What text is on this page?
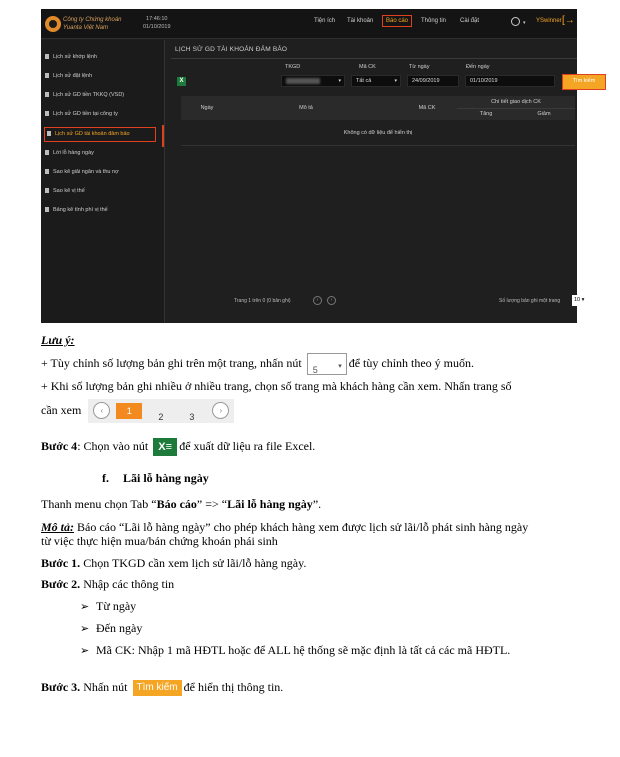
Công ty Chứng khoán Yuanta Việt Nam
17:46:10
01/10/2019
Tiện ích Tài khoản	Báo cáo	Thông tin Cài đặt	▾ YSwinner [→
Lịch sử khớp lệnh
Lịch sử đặt lệnh
Lịch sử GD tiền TKKQ (VSD)
Lịch sử GD tiền tại công ty
Lịch sử GD tài khoản đảm bảo
Lời lỗ hàng ngày
Sao kê giải ngân và thu nợ
Sao kê vị thế
Bảng kê tính phí vị thế
LỊCH SỬ GD TÀI KHOẢN ĐẢM BẢO
TKGD	Mã CK	Từ ngày	Đến ngày
X	▾	Tất cả	▾	24/09/2019	01/10/2019	Tìm kiếm
Ngày	Mô tả	Mã CK
Chi tiết giao dịch CK
Tăng	Giảm
Không có dữ liệu để hiển thị
Trang 1 trên 0 (0 bản ghi)	‹	›	Số lượng bản ghi một trang	10 ▾
Lưu ý:
+ Tùy chỉnh số lượng bản ghi trên một trang, nhấn nút
5	▾ để tùy chỉnh theo ý muốn.
+ Khi số lượng bản ghi nhiều ở nhiều trang, chọn số trang mà khách hàng cần xem. Nhấn trang số
cần xem	‹	1
2	3
›
Bước 4: Chọn vào nút X≡ để xuất dữ liệu ra file Excel.
f. Lãi lỗ hàng ngày
Thanh menu chọn Tab “Báo cáo” => “Lãi lỗ hàng ngày”.
Mô tả: Báo cáo “Lãi lỗ hàng ngày” cho phép khách hàng xem được lịch sử lãi/lỗ phát sinh hàng ngày
từ việc thực hiện mua/bán chứng khoán phái sinh
Bước 1. Chọn TKGD cần xem lịch sử lãi/lỗ hàng ngày.
Bước 2. Nhập các thông tin
➢ Từ ngày
➢ Đến ngày
➢ Mã CK: Nhập 1 mã HĐTL hoặc để ALL hệ thống sẽ mặc định là tất cả các mã HĐTL.
Bước 3. Nhấn nút Tìm kiếm để hiển thị thông tin.
